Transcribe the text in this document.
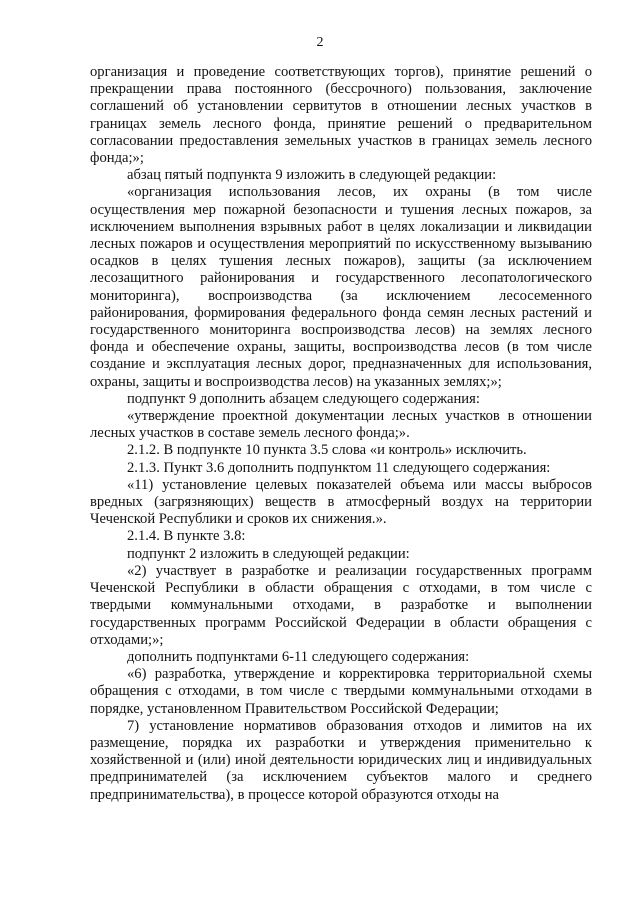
2

организация и проведение соответствующих торгов), принятие решений о прекращении права постоянного (бессрочного) пользования, заключение соглашений об установлении сервитутов в отношении лесных участков в границах земель лесного фонда, принятие решений о предварительном согласовании предоставления земельных участков в границах земель лесного фонда;»;

абзац пятый подпункта 9 изложить в следующей редакции:

«организация использования лесов, их охраны (в том числе осуществления мер пожарной безопасности и тушения лесных пожаров, за исключением выполнения взрывных работ в целях локализации и ликвидации лесных пожаров и осуществления мероприятий по искусственному вызыванию осадков в целях тушения лесных пожаров), защиты (за исключением лесозащитного районирования и государственного лесопатологического мониторинга), воспроизводства (за исключением лесосеменного районирования, формирования федерального фонда семян лесных растений и государственного мониторинга воспроизводства лесов) на землях лесного фонда и обеспечение охраны, защиты, воспроизводства лесов (в том числе создание и эксплуатация лесных дорог, предназначенных для использования, охраны, защиты и воспроизводства лесов) на указанных землях;»;

подпункт 9 дополнить абзацем следующего содержания:

«утверждение проектной документации лесных участков в отношении лесных участков в составе земель лесного фонда;».

2.1.2. В подпункте 10 пункта 3.5 слова «и контроль» исключить.

2.1.3. Пункт 3.6 дополнить подпунктом 11 следующего содержания:

«11) установление целевых показателей объема или массы выбросов вредных (загрязняющих) веществ в атмосферный воздух на территории Чеченской Республики и сроков их снижения.».

2.1.4. В пункте 3.8:

подпункт 2 изложить в следующей редакции:

«2) участвует в разработке и реализации государственных программ Чеченской Республики в области обращения с отходами, в том числе с твердыми коммунальными отходами, в разработке и выполнении государственных программ Российской Федерации в области обращения с отходами;»;

дополнить подпунктами 6-11 следующего содержания:

«6) разработка, утверждение и корректировка территориальной схемы обращения с отходами, в том числе с твердыми коммунальными отходами в порядке, установленном Правительством Российской Федерации;

7) установление нормативов образования отходов и лимитов на их размещение, порядка их разработки и утверждения применительно к хозяйственной и (или) иной деятельности юридических лиц и индивидуальных предпринимателей (за исключением субъектов малого и среднего предпринимательства), в процессе которой образуются отходы на
